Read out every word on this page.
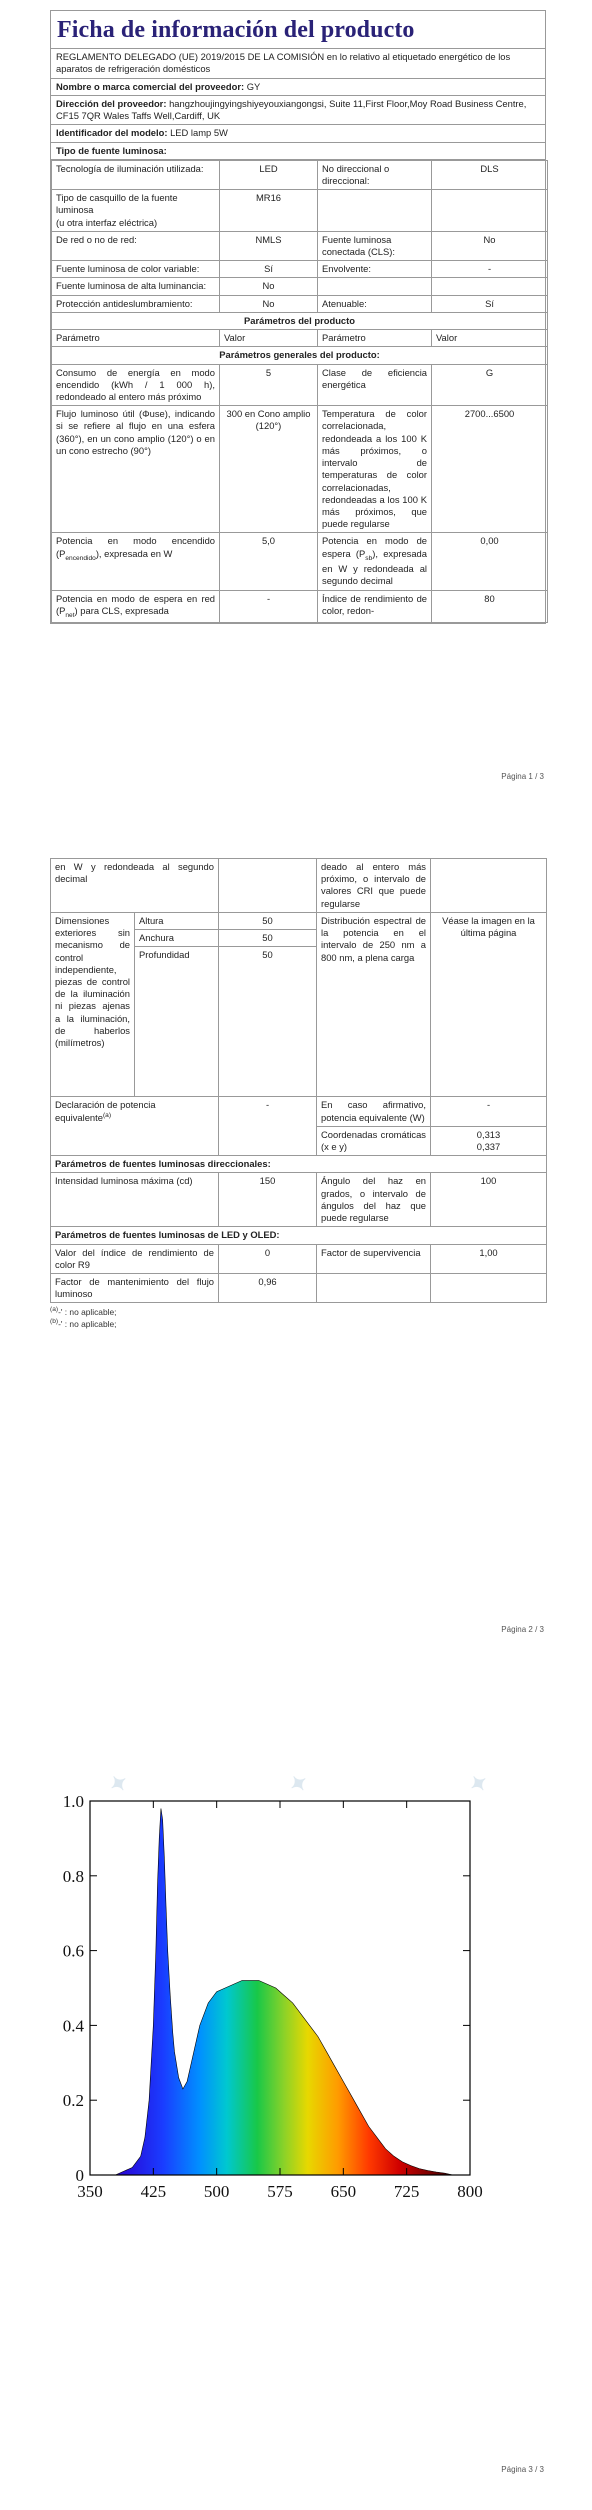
Ficha de información del producto
REGLAMENTO DELEGADO (UE) 2019/2015 DE LA COMISIÓN en lo relativo al etiquetado energético de los aparatos de refrigeración domésticos
Nombre o marca comercial del proveedor: GY
Dirección del proveedor: hangzhoujingyingshiyeyouxiangongsi, Suite 11,First Floor,Moy Road Business Centre, CF15 7QR Wales Taffs Well,Cardiff, UK
Identificador del modelo: LED lamp 5W
Tipo de fuente luminosa:
Tecnología de iluminación utilizada:	LED	No direccional o direccional:	DLS

Tipo de casquillo de la fuente luminosa
(u otra interfaz eléctrica)	MR16		
De red o no de red:	NMLS	Fuente luminosa conectada (CLS):	No
Fuente luminosa de color variable:	Sí	Envolvente:	-
Fuente luminosa de alta luminancia:	No		
Protección antideslumbramiento:	No	Atenuable:	Sí
Parámetros del producto			
Parámetro	Valor	Parámetro	Valor
Parámetros generales del producto:			
Consumo de energía en modo encendido (kWh / 1 000 h), redondeado al entero más próximo	5	Clase de eficiencia energética	G
Flujo luminoso útil (Φuse), indicando si se refiere al flujo en una esfera (360°), en un cono amplio (120°) o en un cono estrecho (90°)	300 en Cono amplio (120°)	Temperatura de color correlacionada, redondeada a los 100 K más próximos, o intervalo de temperaturas de color correlacionadas, redondeadas a los 100 K más próximos, que puede regularse	2700...6500
Potencia en modo encendido $(P_{encendido})$, expresada en W	5,0	Potencia en modo de espera $(P_{sb})$, expresada en W y redondeada al segundo decimal	0,00
Potencia en modo de espera en red $(P_{net})$ para CLS, expresada	-	Índice de rendimiento de color, redon-	80
Página 1 / 3
en W y redondeada al segundo decimal			deado al entero más próximo, o intervalo de valores CRI que puede regularse	
Dimensiones exteriores sin mecanismo de control independiente, piezas de control de la iluminación ni piezas ajenas a la iluminación, de haberlos (milímetros)	Altura	50	Distribución espectral de la potencia en el intervalo de 250 nm a 800 nm, a plena carga	Véase la imagen en la última página
	Anchura	50		
	Profundidad	50		
Declaración de potencia equivalente$^{(a)}$		-	En caso afirmativo, potencia equivalente (W)	-
			Coordenadas cromáticas (x e y)	0,313
0,337

Parámetros de fuentes luminosas direccionales:				
Intensidad luminosa máxima (cd)		150	Ángulo del haz en grados, o intervalo de ángulos del haz que puede regularse	100
Parámetros de fuentes luminosas de LED y OLED:				
Valor del índice de rendimiento de color R9		0	Factor de supervivencia	1,00
Factor de mantenimiento del flujo luminoso		0,96		
$^{(a)}$-' : no aplicable;
$^{(b)}$-' : no aplicable;
Página 2 / 3
0
0.2
0.4
0.6
0.8
1.0
350 425 500 575 650 725 800
✦	✦	✦
Página 3 / 3
